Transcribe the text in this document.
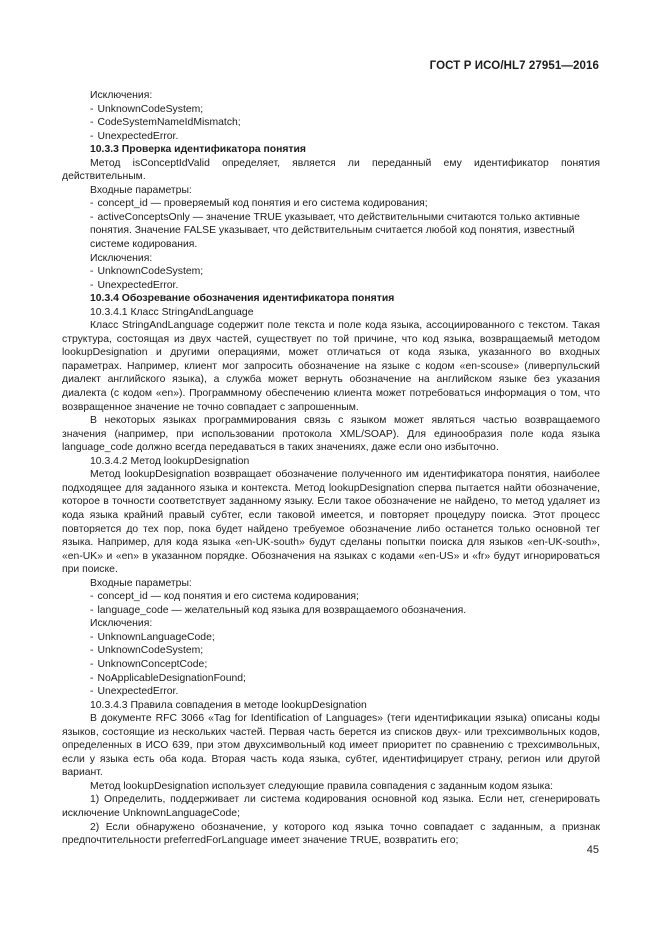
ГОСТ Р ИСО/HL7 27951—2016

Исключения:

- UnknownCodeSystem;

- CodeSystemNameIdMismatch;

- UnexpectedError.

10.3.3 Проверка идентификатора понятия

Метод isConceptIdValid определяет, является ли переданный ему идентификатор понятия действительным.

Входные параметры:

- concept_id — проверяемый код понятия и его система кодирования;

- activeConceptsOnly — значение TRUE указывает, что действительными считаются только активные понятия. Значение FALSE указывает, что действительным считается любой код понятия, известный системе кодирования.

Исключения:

- UnknownCodeSystem;

- UnexpectedError.

10.3.4 Обозревание обозначения идентификатора понятия

10.3.4.1 Класс StringAndLanguage

Класс StringAndLanguage содержит поле текста и поле кода языка, ассоциированного с текстом. Такая структура, состоящая из двух частей, существует по той причине, что код языка, возвращаемый методом lookupDesignation и другими операциями, может отличаться от кода языка, указанного во входных параметрах. Например, клиент мог запросить обозначение на языке с кодом «en-scouse» (ливерпульский диалект английского языка), а служба может вернуть обозначение на английском языке без указания диалекта (с кодом «en»). Программному обеспечению клиента может потребоваться информация о том, что возвращенное значение не точно совпадает с запрошенным.

В некоторых языках программирования связь с языком может являться частью возвращаемого значения (например, при использовании протокола XML/SOAP). Для единообразия поле кода языка language_code должно всегда передаваться в таких значениях, даже если оно избыточно.

10.3.4.2 Метод lookupDesignation

Метод lookupDesignation возвращает обозначение полученного им идентификатора понятия, наиболее подходящее для заданного языка и контекста. Метод lookupDesignation сперва пытается найти обозначение, которое в точности соответствует заданному языку. Если такое обозначение не найдено, то метод удаляет из кода языка крайний правый субтег, если таковой имеется, и повторяет процедуру поиска. Этот процесс повторяется до тех пор, пока будет найдено требуемое обозначение либо останется только основной тег языка. Например, для кода языка «en-UK-south» будут сделаны попытки поиска для языков «en-UK-south», «en-UK» и «en» в указанном порядке. Обозначения на языках с кодами «en-US» и «fr» будут игнорироваться при поиске.

Входные параметры:

- concept_id — код понятия и его система кодирования;

- language_code — желательный код языка для возвращаемого обозначения.

Исключения:

- UnknownLanguageCode;

- UnknownCodeSystem;

- UnknownConceptCode;

- NoApplicableDesignationFound;

- UnexpectedError.

10.3.4.3 Правила совпадения в методе lookupDesignation

В документе RFC 3066 «Tag for Identification of Languages» (теги идентификации языка) описаны коды языков, состоящие из нескольких частей. Первая часть берется из списков двух- или трехсимвольных кодов, определенных в ИСО 639, при этом двухсимвольный код имеет приоритет по сравнению с трехсимвольных, если у языка есть оба кода. Вторая часть кода языка, субтег, идентифицирует страну, регион или другой вариант.

Метод lookupDesignation использует следующие правила совпадения с заданным кодом языка:

1) Определить, поддерживает ли система кодирования основной код языка. Если нет, сгенерировать исключение UnknownLanguageCode;

2) Если обнаружено обозначение, у которого код языка точно совпадает с заданным, а признак предпочтительности preferredForLanguage имеет значение TRUE, возвратить его;

45
